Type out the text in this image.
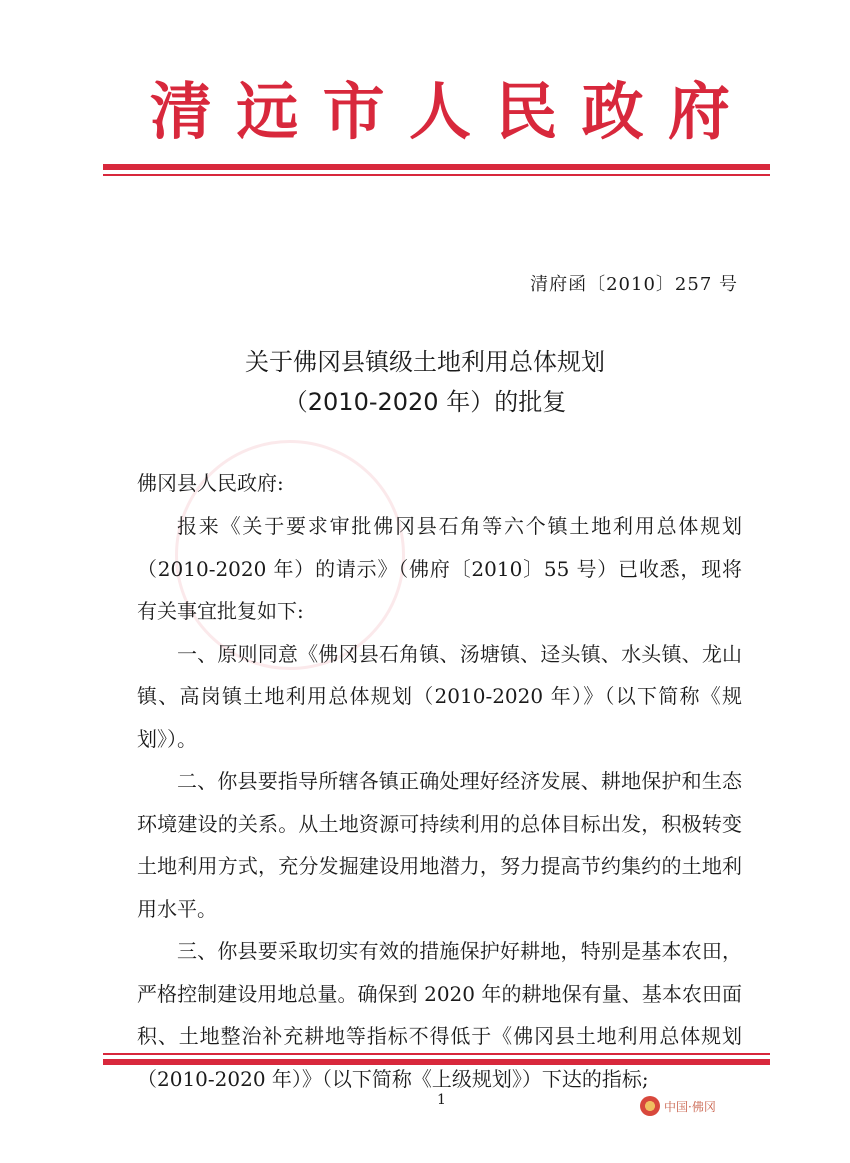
清 远 市 人 民 政 府
清府函〔2010〕257 号
关于佛冈县镇级土地利用总体规划
（2010-2020 年）的批复
佛冈县人民政府:

报来《关于要求审批佛冈县石角等六个镇土地利用总体规划（2010-2020 年）的请示》（佛府〔2010〕55 号）已收悉，现将有关事宜批复如下:

一、原则同意《佛冈县石角镇、汤塘镇、迳头镇、水头镇、龙山镇、高岗镇土地利用总体规划（2010-2020 年）》（以下简称《规划》）。

二、你县要指导所辖各镇正确处理好经济发展、耕地保护和生态环境建设的关系。从土地资源可持续利用的总体目标出发，积极转变土地利用方式，充分发掘建设用地潜力，努力提高节约集约的土地利用水平。

三、你县要采取切实有效的措施保护好耕地，特别是基本农田，严格控制建设用地总量。确保到 2020 年的耕地保有量、基本农田面积、土地整治补充耕地等指标不得低于《佛冈县土地利用总体规划（2010-2020 年）》（以下简称《上级规划》）下达的指标;

1	中国·佛冈
